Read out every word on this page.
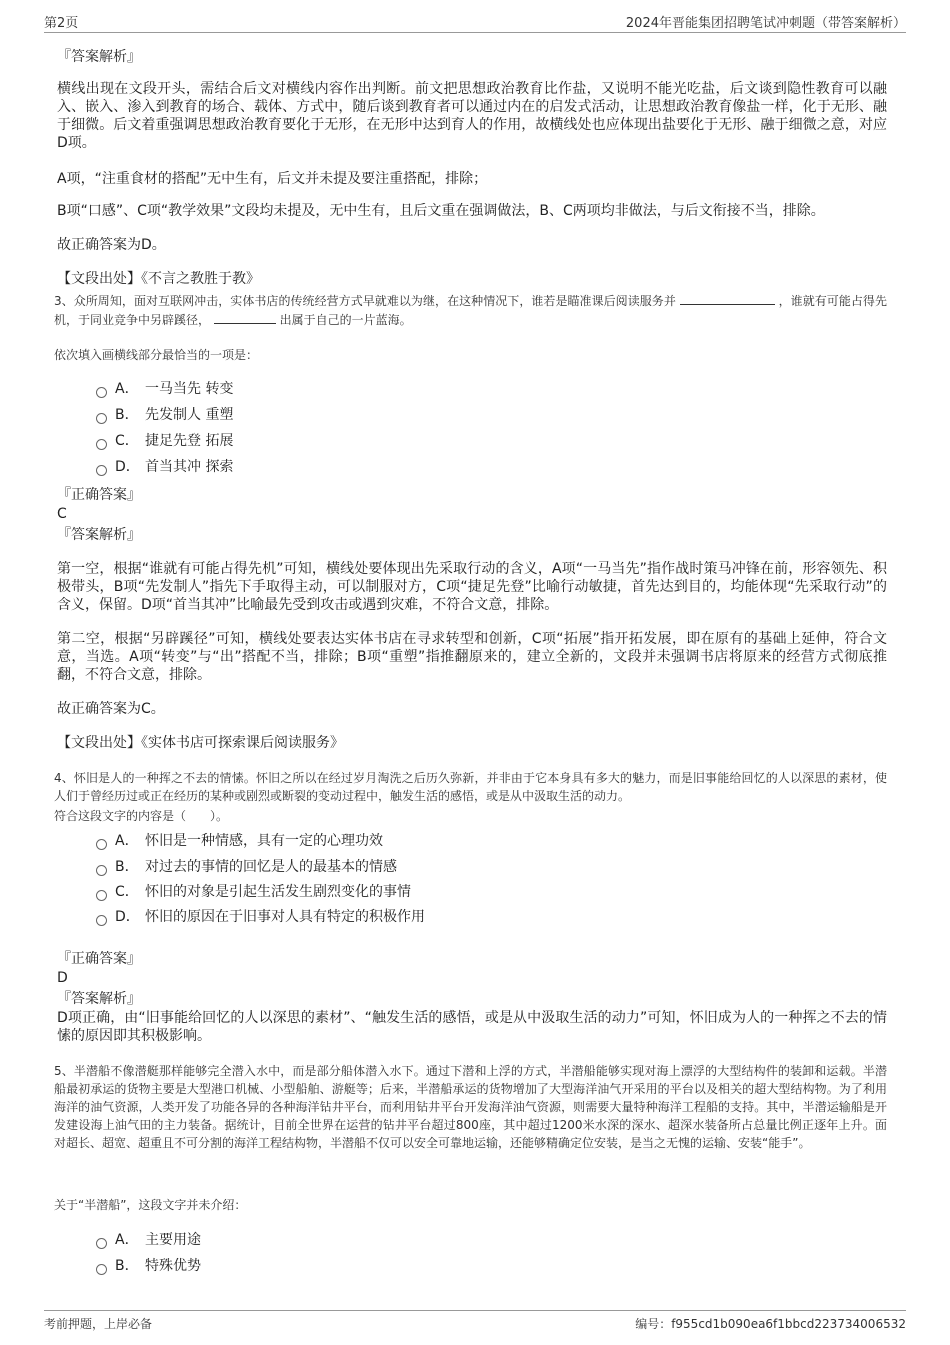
第2页	2024年晋能集团招聘笔试冲刺题（带答案解析）
『答案解析』
横线出现在文段开头，需结合后文对横线内容作出判断。前文把思想政治教育比作盐，又说明不能光吃盐，后文谈到隐性教育可以融入、嵌入、渗入到教育的场合、载体、方式中，随后谈到教育者可以通过内在的启发式活动，让思想政治教育像盐一样，化于无形、融于细微。后文着重强调思想政治教育要化于无形，在无形中达到育人的作用，故横线处也应体现出盐要化于无形、融于细微之意，对应D项。
A项，“注重食材的搭配”无中生有，后文并未提及要注重搭配，排除；
B项“口感”、C项“教学效果”文段均未提及，无中生有，且后文重在强调做法，B、C两项均非做法，与后文衔接不当，排除。
故正确答案为D。
【文段出处】《不言之教胜于教》
3、众所周知，面对互联网冲击，实体书店的传统经营方式早就难以为继，在这种情况下，谁若是瞄准课后阅读服务并	，谁就有可能占得先机，于同业竞争中另辟蹊径，	出属于自己的一片蓝海。
依次填入画横线部分最恰当的一项是：
A． 一马当先 转变
B． 先发制人 重塑
C． 捷足先登 拓展
D． 首当其冲 探索
『正确答案』
C
『答案解析』
第一空，根据“谁就有可能占得先机”可知，横线处要体现出先采取行动的含义，A项“一马当先”指作战时策马冲锋在前，形容领先、积极带头，B项“先发制人”指先下手取得主动，可以制服对方，C项“捷足先登”比喻行动敏捷，首先达到目的，均能体现“先采取行动”的含义，保留。D项“首当其冲”比喻最先受到攻击或遇到灾难，不符合文意，排除。
第二空，根据“另辟蹊径”可知，横线处要表达实体书店在寻求转型和创新，C项“拓展”指开拓发展，即在原有的基础上延伸，符合文意，当选。A项“转变”与“出”搭配不当，排除；B项“重塑”指推翻原来的，建立全新的，文段并未强调书店将原来的经营方式彻底推翻，不符合文意，排除。
故正确答案为C。
【文段出处】《实体书店可探索课后阅读服务》
4、怀旧是人的一种挥之不去的情愫。怀旧之所以在经过岁月淘洗之后历久弥新，并非由于它本身具有多大的魅力，而是旧事能给回忆的人以深思的素材，使人们于曾经历过或正在经历的某种或剧烈或断裂的变动过程中，触发生活的感悟，或是从中汲取生活的动力。
符合这段文字的内容是（　　）。
A． 怀旧是一种情感，具有一定的心理功效
B． 对过去的事情的回忆是人的最基本的情感
C． 怀旧的对象是引起生活发生剧烈变化的事情
D． 怀旧的原因在于旧事对人具有特定的积极作用
『正确答案』
D
『答案解析』
D项正确，由“旧事能给回忆的人以深思的素材”、“触发生活的感悟，或是从中汲取生活的动力”可知，怀旧成为人的一种挥之不去的情愫的原因即其积极影响。
5、半潜船不像潜艇那样能够完全潜入水中，而是部分船体潜入水下。通过下潜和上浮的方式，半潜船能够实现对海上漂浮的大型结构件的装卸和运载。半潜船最初承运的货物主要是大型港口机械、小型船舶、游艇等；后来，半潜船承运的货物增加了大型海洋油气开采用的平台以及相关的超大型结构物。为了利用海洋的油气资源，人类开发了功能各异的各种海洋钻井平台，而利用钻井平台开发海洋油气资源，则需要大量特种海洋工程船的支持。其中，半潜运输船是开发建设海上油气田的主力装备。据统计，目前全世界在运营的钻井平台超过800座，其中超过1200米水深的深水、超深水装备所占总量比例正逐年上升。面对超长、超宽、超重且不可分割的海洋工程结构物，半潜船不仅可以安全可靠地运输，还能够精确定位安装，是当之无愧的运输、安装“能手”。
关于“半潜船”，这段文字并未介绍：
A． 主要用途
B． 特殊优势
考前押题，上岸必备	编号：f955cd1b090ea6f1bbcd223734006532
